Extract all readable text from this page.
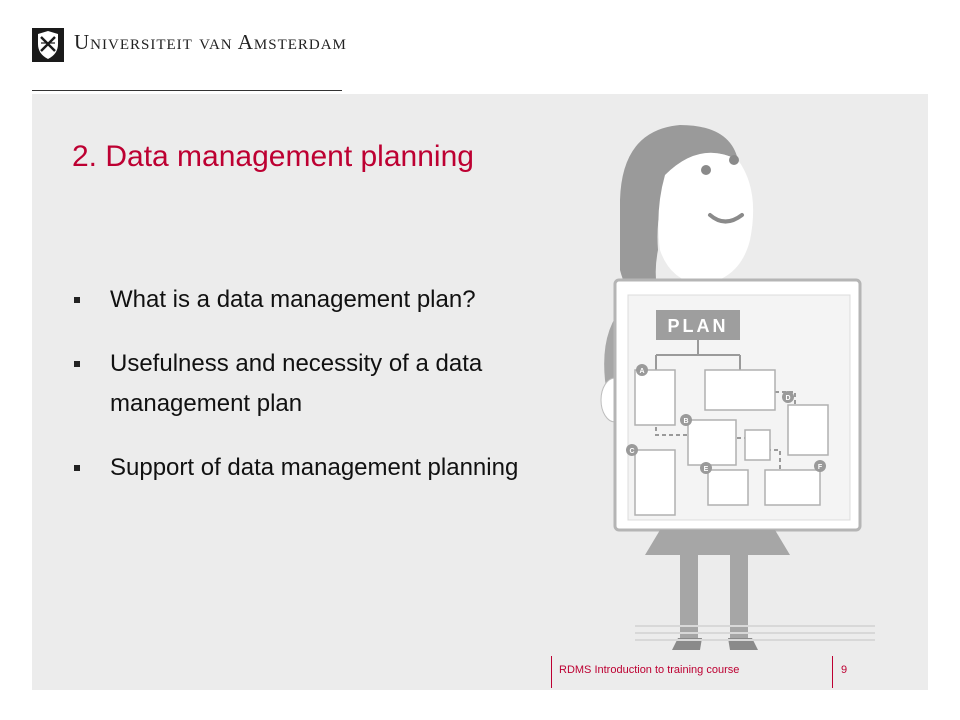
Universiteit van Amsterdam
PLAN
A
B
C
D
E	F
2. Data management planning
What is a data management plan?
Usefulness and necessity of a data management plan
Support of data management planning
RDMS Introduction to training course	9
